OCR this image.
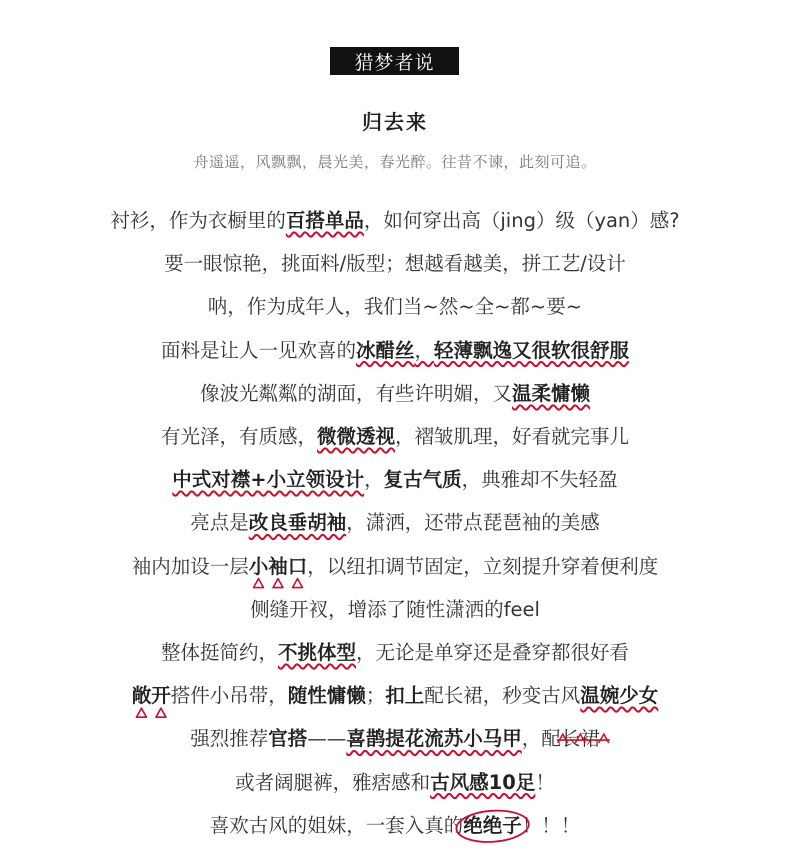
猎梦者说
归去来
舟遥遥，风飘飘，晨光美，春光醉。往昔不谏，此刻可追。
衬衫，作为衣橱里的百搭单品，如何穿出高（jing）级（yan）感?
要一眼惊艳，挑面料/版型；想越看越美，拼工艺/设计
呐，作为成年人，我们当~然~全~都~要~
面料是让人一见欢喜的冰醋丝，轻薄飘逸又很软很舒服
像波光粼粼的湖面，有些许明媚，又温柔慵懒
有光泽，有质感，微微透视，褶皱肌理，好看就完事儿
中式对襟+小立领设计，复古气质，典雅却不失轻盈
亮点是改良垂胡袖，潇洒，还带点琵琶袖的美感
袖内加设一层小袖口，以纽扣调节固定，立刻提升穿着便利度
侧缝开衩，增添了随性潇洒的feel
整体挺简约，不挑体型，无论是单穿还是叠穿都很好看
敞开搭件小吊带，随性慵懒；扣上配长裙，秒变古风温婉少女
强烈推荐官搭——喜鹊提花流苏小马甲，配长裙
或者阔腿裤，雅痞感和古风感10足！
喜欢古风的姐妹，一套入真的绝绝子！！！
